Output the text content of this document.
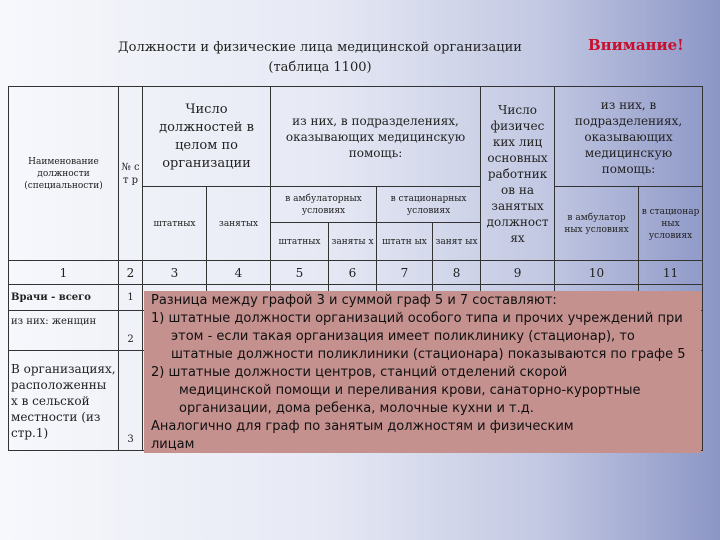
Должности и физические лица медицинской организации
(таблица 1100)
Внимание!
Наименование должности (специальности)	№ с т р	Число должностей в целом по организации		из них, в подразделениях, оказывающих медицинскую помощь:				Число физичес ких лиц основных работник ов на занятых должност ях	из них, в подразделениях, оказывающих медицинскую помощь:	
		штатных	занятых	в амбулаторных условиях		в стационарных условиях			в амбулатор ных условиях	в стационар ных условиях
				штатных	заняты х	штатн ых	занят ых			
1	2	3	4	5	6	7	8	9	10	11
Врачи - всего	1									
из них: женщин	2									
В организациях, расположенны х в сельской местности (из стр.1)	3									
Разница между графой 3 и суммой граф 5 и 7 составляют:
1) штатные должности организаций особого типа и прочих учреждений при
этом - если такая организация имеет поликлинику (стационар), то
штатные должности поликлиники (стационара) показываются по графе 5
2) штатные должности центров, станций отделений скорой
медицинской помощи и переливания крови, санаторно-курортные
организации, дома ребенка, молочные кухни и т.д.
Аналогично для граф по занятым должностям и физическим
лицам
